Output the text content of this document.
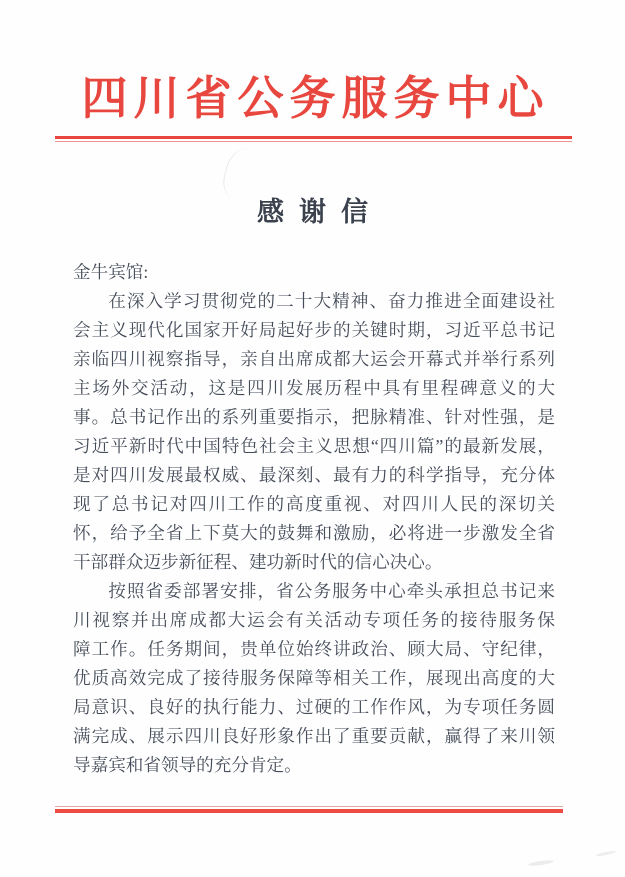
四川省公务服务中心
感谢信
金牛宾馆:
在深入学习贯彻党的二十大精神、奋力推进全面建设社
会主义现代化国家开好局起好步的关键时期，习近平总书记
亲临四川视察指导，亲自出席成都大运会开幕式并举行系列
主场外交活动，这是四川发展历程中具有里程碑意义的大
事。总书记作出的系列重要指示，把脉精准、针对性强，是
习近平新时代中国特色社会主义思想“四川篇”的最新发展，
是对四川发展最权威、最深刻、最有力的科学指导，充分体
现了总书记对四川工作的高度重视、对四川人民的深切关
怀，给予全省上下莫大的鼓舞和激励，必将进一步激发全省
干部群众迈步新征程、建功新时代的信心决心。
按照省委部署安排，省公务服务中心牵头承担总书记来
川视察并出席成都大运会有关活动专项任务的接待服务保
障工作。任务期间，贵单位始终讲政治、顾大局、守纪律，
优质高效完成了接待服务保障等相关工作，展现出高度的大
局意识、良好的执行能力、过硬的工作作风，为专项任务圆
满完成、展示四川良好形象作出了重要贡献，赢得了来川领
导嘉宾和省领导的充分肯定。
